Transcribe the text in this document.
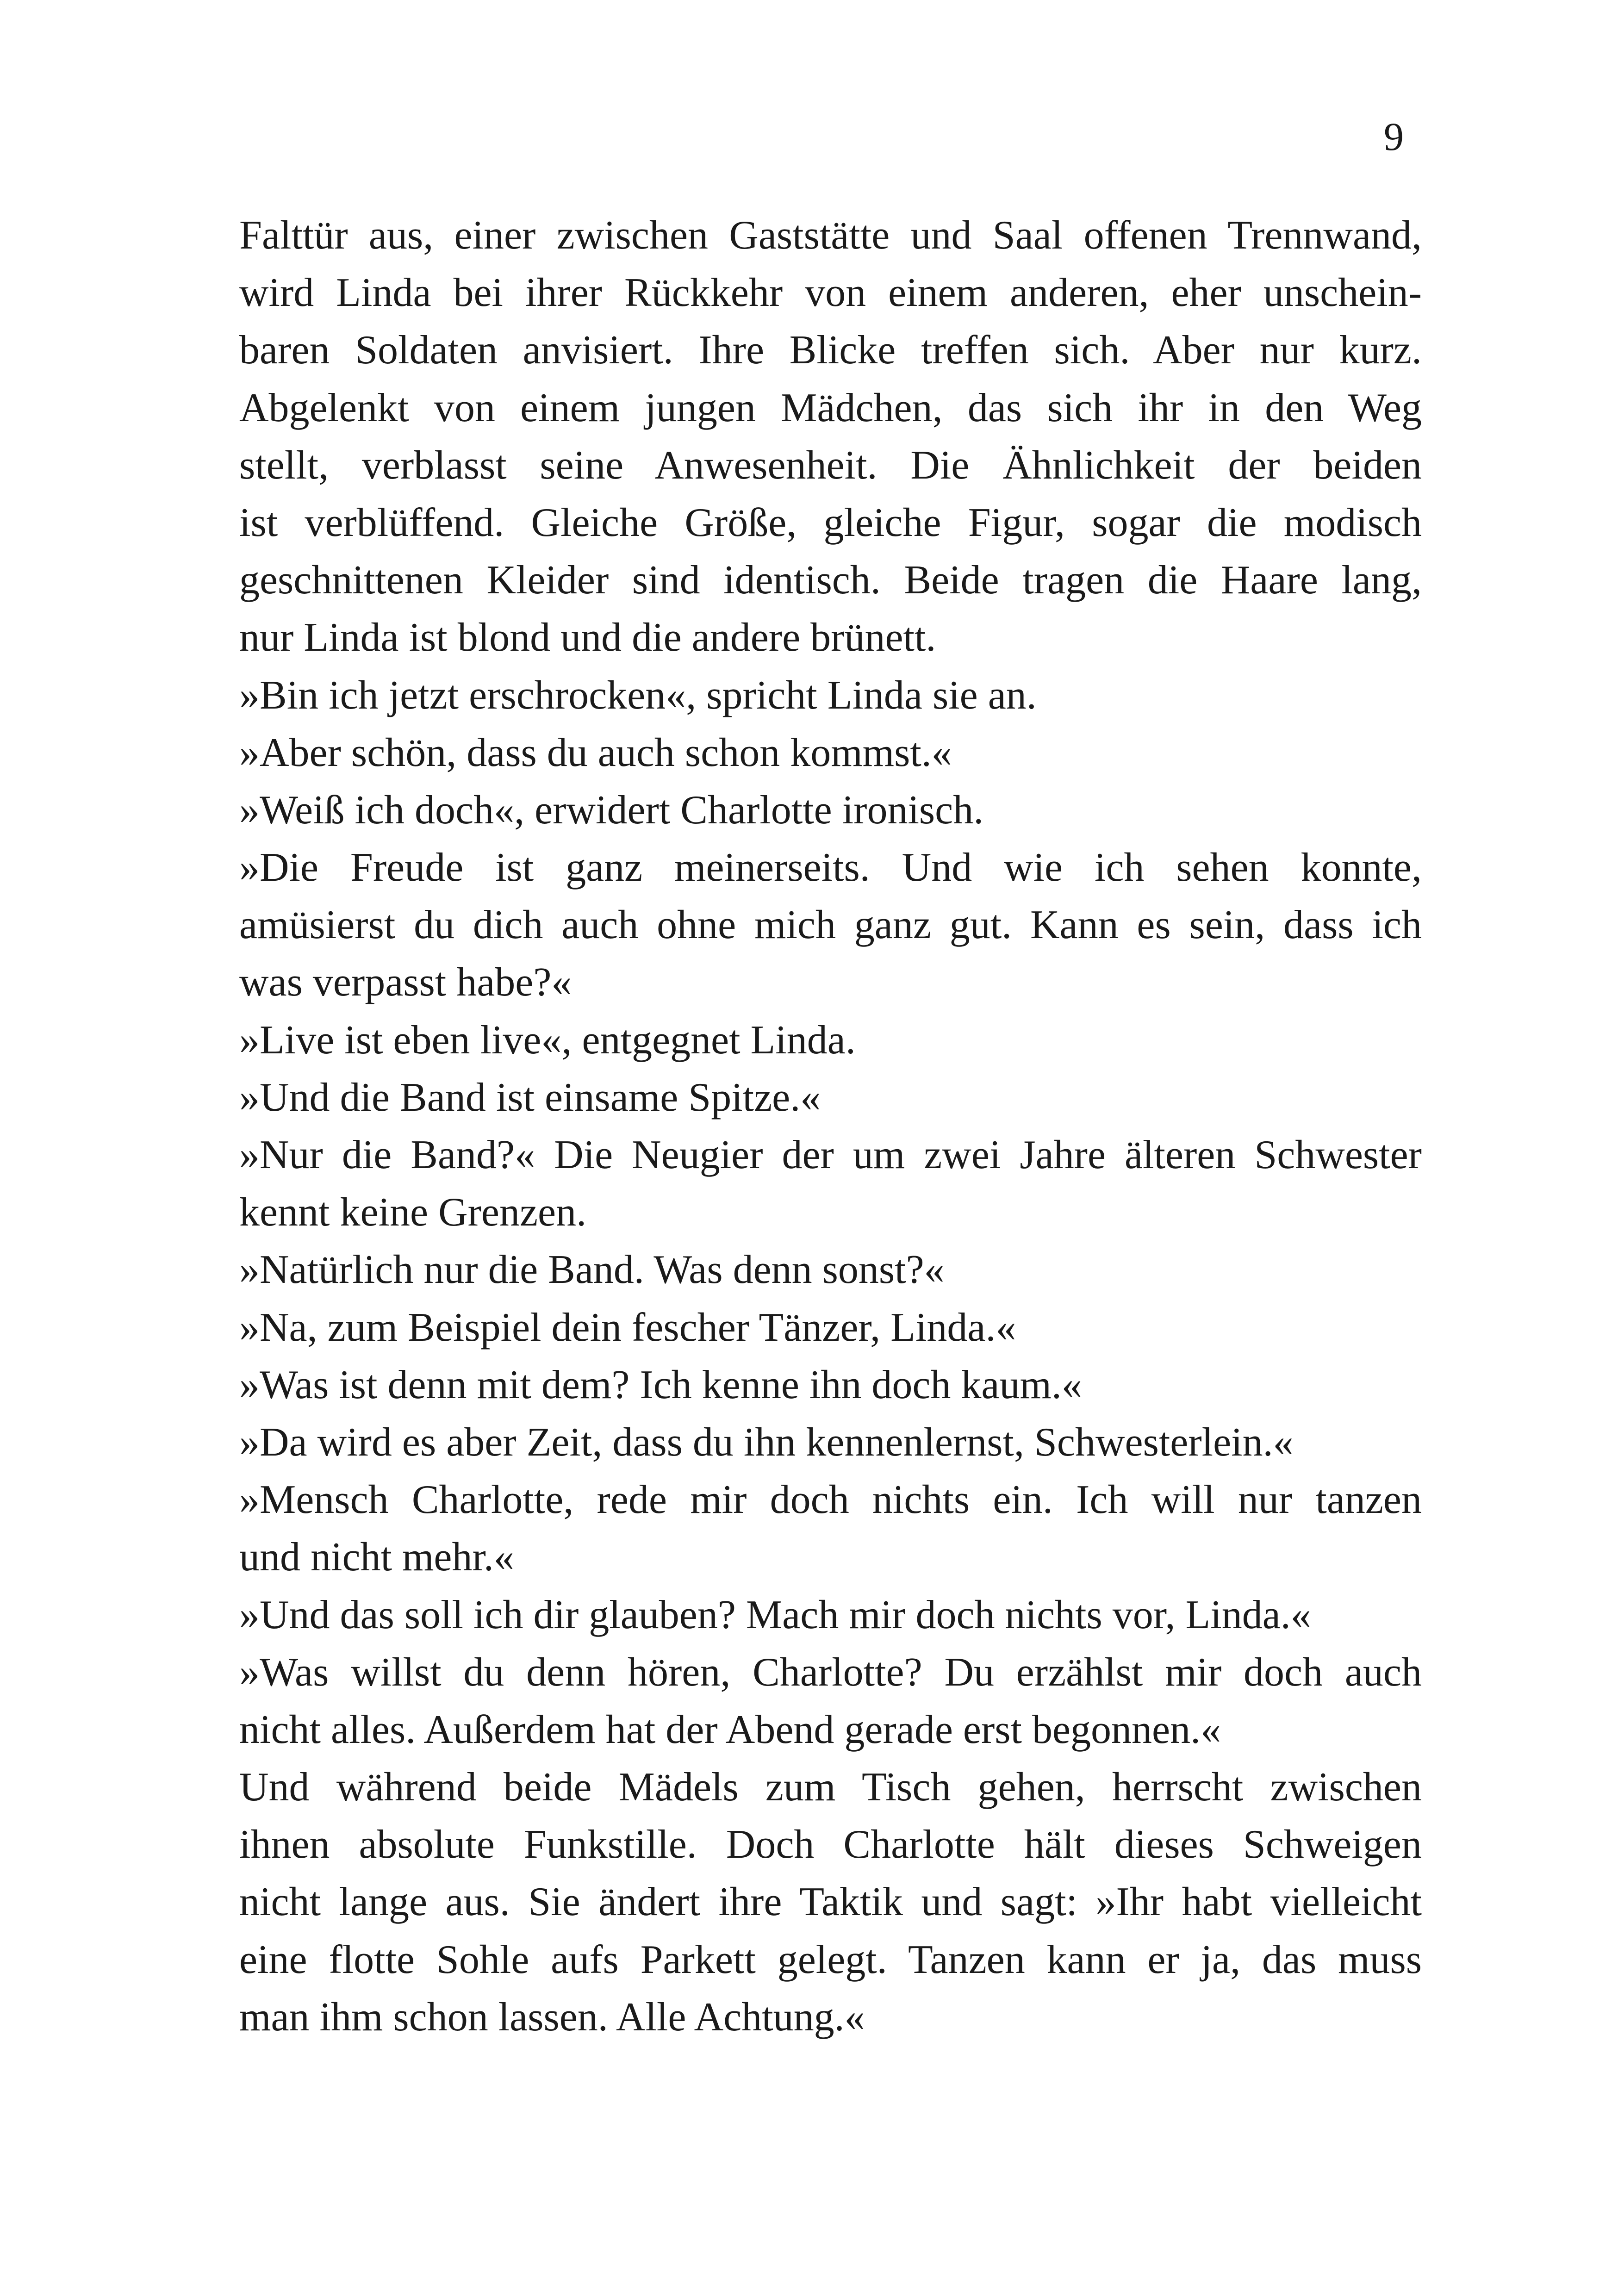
9
Falttür aus, einer zwischen Gaststätte und Saal offenen Trennwand,
wird Linda bei ihrer Rückkehr von einem anderen, eher unschein-
baren Soldaten anvisiert. Ihre Blicke treffen sich. Aber nur kurz.
Abgelenkt von einem jungen Mädchen, das sich ihr in den Weg
stellt, verblasst seine Anwesenheit. Die Ähnlichkeit der beiden
ist verblüffend. Gleiche Größe, gleiche Figur, sogar die modisch
geschnittenen Kleider sind identisch. Beide tragen die Haare lang,
nur Linda ist blond und die andere brünett.
»Bin ich jetzt erschrocken«, spricht Linda sie an.
»Aber schön, dass du auch schon kommst.«
»Weiß ich doch«, erwidert Charlotte ironisch.
»Die Freude ist ganz meinerseits. Und wie ich sehen konnte,
amüsierst du dich auch ohne mich ganz gut. Kann es sein, dass ich
was verpasst habe?«
»Live ist eben live«, entgegnet Linda.
»Und die Band ist einsame Spitze.«
»Nur die Band?« Die Neugier der um zwei Jahre älteren Schwester
kennt keine Grenzen.
»Natürlich nur die Band. Was denn sonst?«
»Na, zum Beispiel dein fescher Tänzer, Linda.«
»Was ist denn mit dem? Ich kenne ihn doch kaum.«
»Da wird es aber Zeit, dass du ihn kennenlernst, Schwesterlein.«
»Mensch Charlotte, rede mir doch nichts ein. Ich will nur tanzen
und nicht mehr.«
»Und das soll ich dir glauben? Mach mir doch nichts vor, Linda.«
»Was willst du denn hören, Charlotte? Du erzählst mir doch auch
nicht alles. Außerdem hat der Abend gerade erst begonnen.«
Und während beide Mädels zum Tisch gehen, herrscht zwischen
ihnen absolute Funkstille. Doch Charlotte hält dieses Schweigen
nicht lange aus. Sie ändert ihre Taktik und sagt: »Ihr habt vielleicht
eine flotte Sohle aufs Parkett gelegt. Tanzen kann er ja, das muss
man ihm schon lassen. Alle Achtung.«
